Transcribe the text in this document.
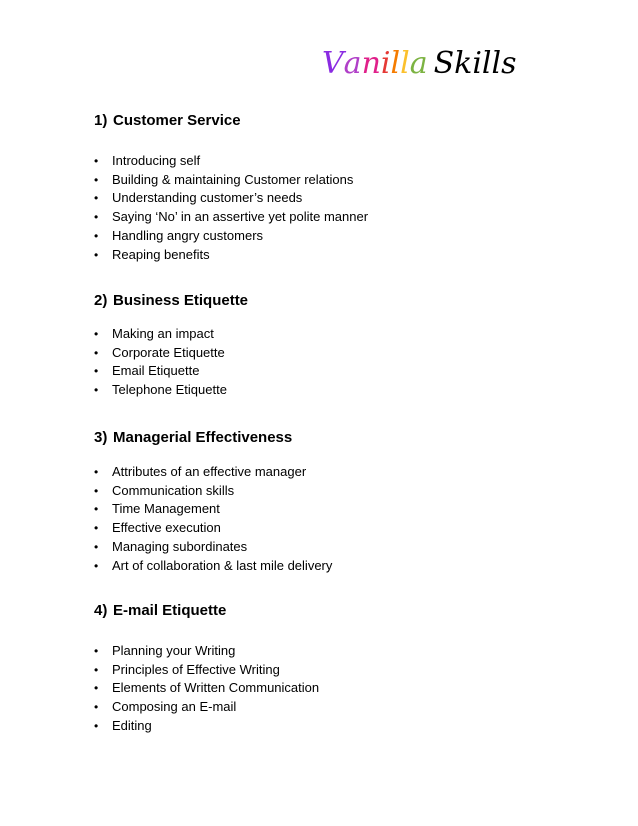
Vanilla Skills
1) Customer Service
•	Introducing self
•	Building & maintaining Customer relations
•	Understanding customer’s needs
•	Saying ‘No’ in an assertive yet polite manner
•	Handling angry customers
•	Reaping benefits
2) Business Etiquette
•	Making an impact
•	Corporate Etiquette
•	Email Etiquette
•	Telephone Etiquette
3) Managerial Effectiveness
•	Attributes of an effective manager
•	Communication skills
•	Time Management
•	Effective execution
•	Managing subordinates
•	Art of collaboration & last mile delivery
4) E-mail Etiquette
•	Planning your Writing
•	Principles of Effective Writing
•	Elements of Written Communication
•	Composing an E-mail
•	Editing
